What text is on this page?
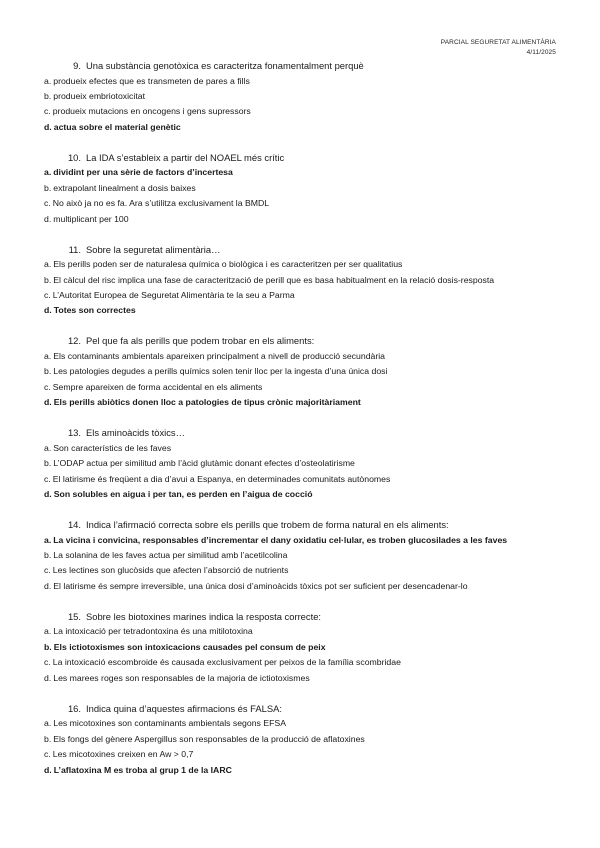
PARCIAL SEGURETAT ALIMENTÀRIA
4/11/2025
9. Una substància genotòxica es caracteritza fonamentalment perquè
a. produeix efectes que es transmeten de pares a fills
b. produeix embriotoxicitat
c. produeix mutacions en oncogens i gens supressors
d. actua sobre el material genètic
10. La IDA s’estableix a partir del NOAEL més crític
a. dividint per una sèrie de factors d’incertesa
b. extrapolant linealment a dosis baixes
c. No això ja no es fa. Ara s’utilitza exclusivament la BMDL
d. multiplicant per 100
11. Sobre la seguretat alimentària…
a. Els perills poden ser de naturalesa química o biològica i es caracteritzen per ser qualitatius
b. El càlcul del risc implica una fase de caracterització de perill que es basa habitualment en la relació dosis-resposta
c. L’Autoritat Europea de Seguretat Alimentària te la seu a Parma
d. Totes son correctes
12. Pel que fa als perills que podem trobar en els aliments:
a. Els contaminants ambientals apareixen principalment a nivell de producció secundària
b. Les patologies degudes a perills químics solen tenir lloc per la ingesta d’una única dosi
c. Sempre apareixen de forma accidental en els aliments
d. Els perills abiòtics donen lloc a patologies de tipus crònic majoritàriament
13. Els aminoàcids tòxics…
a. Son característics de les faves
b. L’ODAP actua per similitud amb l’àcid glutàmic donant efectes d’osteolatirisme
c. El latirisme és freqüent a dia d’avui a Espanya, en determinades comunitats autònomes
d. Son solubles en aigua i per tan, es perden en l’aigua de cocció
14. Indica l’afirmació correcta sobre els perills que trobem de forma natural en els aliments:
a. La vicina i convicina, responsables d’incrementar el dany oxidatiu cel·lular, es troben glucosilades a les faves
b. La solanina de les faves actua per similitud amb l’acetilcolina
c. Les lectines son glucòsids que afecten l’absorció de nutrients
d. El latirisme és sempre irreversible, una única dosi d’aminoàcids tòxics pot ser suficient per desencadenar-lo
15. Sobre les biotoxines marines indica la resposta correcte:
a. La intoxicació per tetradontoxina és una mitilotoxina
b. Els ictiotoxismes son intoxicacions causades pel consum de peix
c. La intoxicació escombroide és causada exclusivament per peixos de la família scombridae
d. Les marees roges son responsables de la majoria de ictiotoxismes
16. Indica quina d’aquestes afirmacions és FALSA:
a. Les micotoxines son contaminants ambientals segons EFSA
b. Els fongs del gènere Aspergillus son responsables de la producció de aflatoxines
c. Les micotoxines creixen en Aw > 0,7
d. L’aflatoxina M es troba al grup 1 de la IARC
